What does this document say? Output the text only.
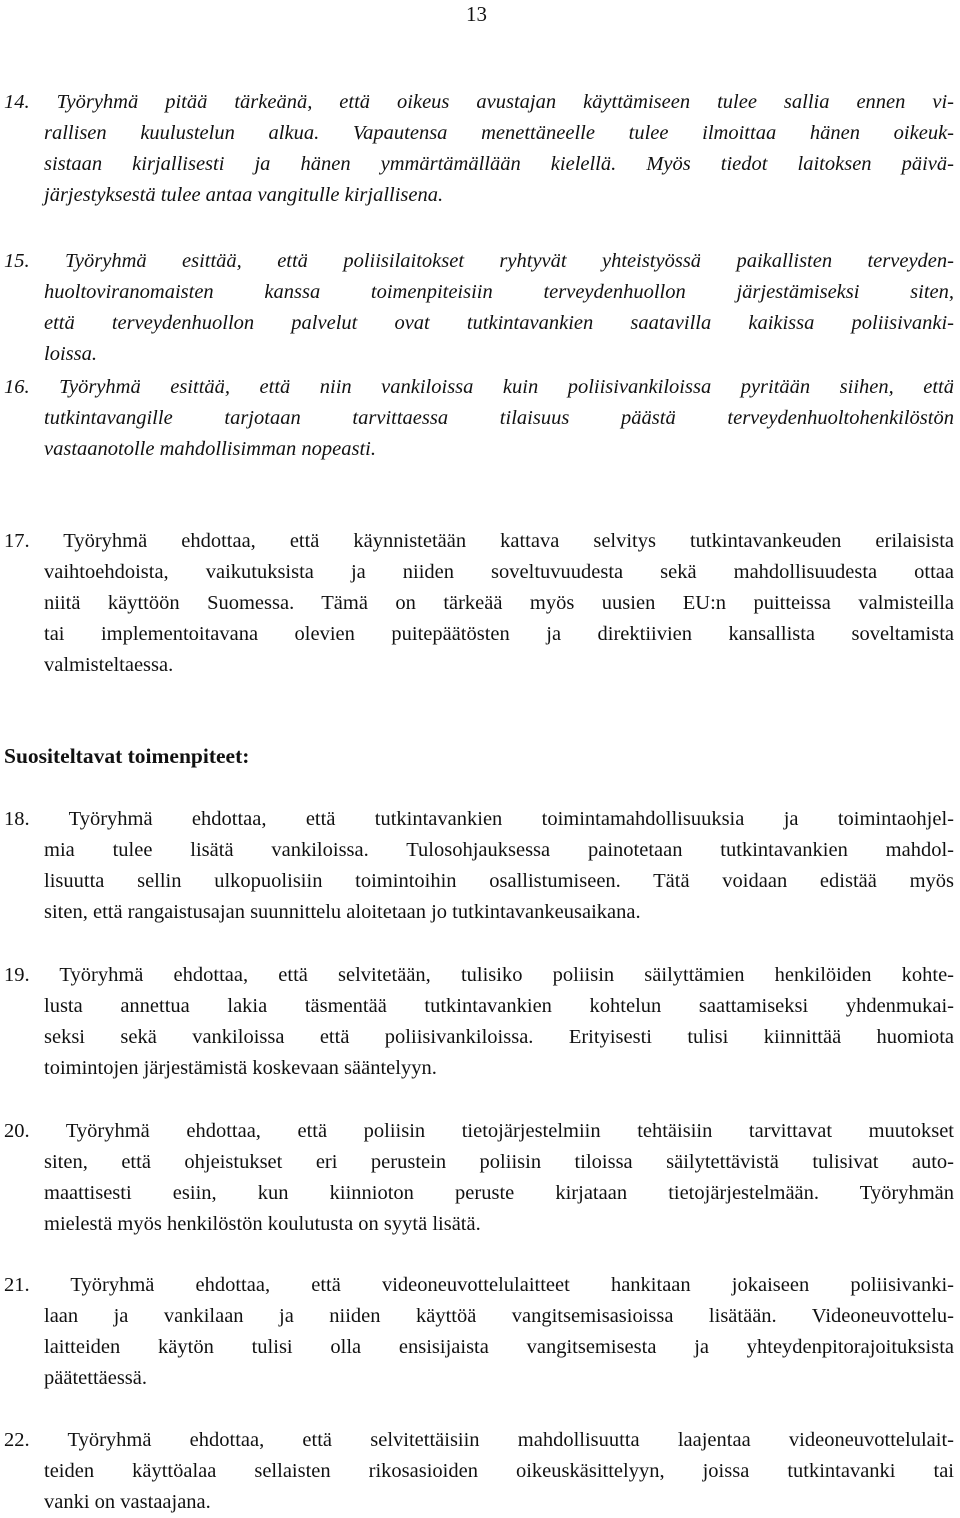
13
14. Työryhmä pitää tärkeänä, että oikeus avustajan käyttämiseen tulee sallia ennen vi-
rallisen kuulustelun alkua. Vapautensa menettäneelle tulee ilmoittaa hänen oikeuk-
sistaan kirjallisesti ja hänen ymmärtämällään kielellä. Myös tiedot laitoksen päivä-
järjestyksestä tulee antaa vangitulle kirjallisena.
15. Työryhmä esittää, että poliisilaitokset ryhtyvät yhteistyössä paikallisten terveyden-
huoltoviranomaisten kanssa toimenpiteisiin terveydenhuollon järjestämiseksi siten,
että terveydenhuollon palvelut ovat tutkintavankien saatavilla kaikissa poliisivanki-
loissa.
16. Työryhmä esittää, että niin vankiloissa kuin poliisivankiloissa pyritään siihen, että
tutkintavangille tarjotaan tarvittaessa tilaisuus päästä terveydenhuoltohenkilöstön
vastaanotolle mahdollisimman nopeasti.
17. Työryhmä ehdottaa, että käynnistetään kattava selvitys tutkintavankeuden erilaisista
vaihtoehdoista, vaikutuksista ja niiden soveltuvuudesta sekä mahdollisuudesta ottaa
niitä käyttöön Suomessa. Tämä on tärkeää myös uusien EU:n puitteissa valmisteilla
tai implementoitavana olevien puitepäätösten ja direktiivien kansallista soveltamista
valmisteltaessa.
Suositeltavat toimenpiteet:
18. Työryhmä ehdottaa, että tutkintavankien toimintamahdollisuuksia ja toimintaohjel-
mia tulee lisätä vankiloissa. Tulosohjauksessa painotetaan tutkintavankien mahdol-
lisuutta sellin ulkopuolisiin toimintoihin osallistumiseen. Tätä voidaan edistää myös
siten, että rangaistusajan suunnittelu aloitetaan jo tutkintavankeusaikana.
19. Työryhmä ehdottaa, että selvitetään, tulisiko poliisin säilyttämien henkilöiden kohte-
lusta annettua lakia täsmentää tutkintavankien kohtelun saattamiseksi yhdenmukai-
seksi sekä vankiloissa että poliisivankiloissa. Erityisesti tulisi kiinnittää huomiota
toimintojen järjestämistä koskevaan sääntelyyn.
20. Työryhmä ehdottaa, että poliisin tietojärjestelmiin tehtäisiin tarvittavat muutokset
siten, että ohjeistukset eri perustein poliisin tiloissa säilytettävistä tulisivat auto-
maattisesti esiin, kun kiinnioton peruste kirjataan tietojärjestelmään. Työryhmän
mielestä myös henkilöstön koulutusta on syytä lisätä.
21. Työryhmä ehdottaa, että videoneuvottelulaitteet hankitaan jokaiseen poliisivanki-
laan ja vankilaan ja niiden käyttöä vangitsemisasioissa lisätään. Videoneuvottelu-
laitteiden käytön tulisi olla ensisijaista vangitsemisesta ja yhteydenpitorajoituksista
päätettäessä.
22. Työryhmä ehdottaa, että selvitettäisiin mahdollisuutta laajentaa videoneuvottelulait-
teiden käyttöalaa sellaisten rikosasioiden oikeuskäsittelyyn, joissa tutkintavanki tai
vanki on vastaajana.
